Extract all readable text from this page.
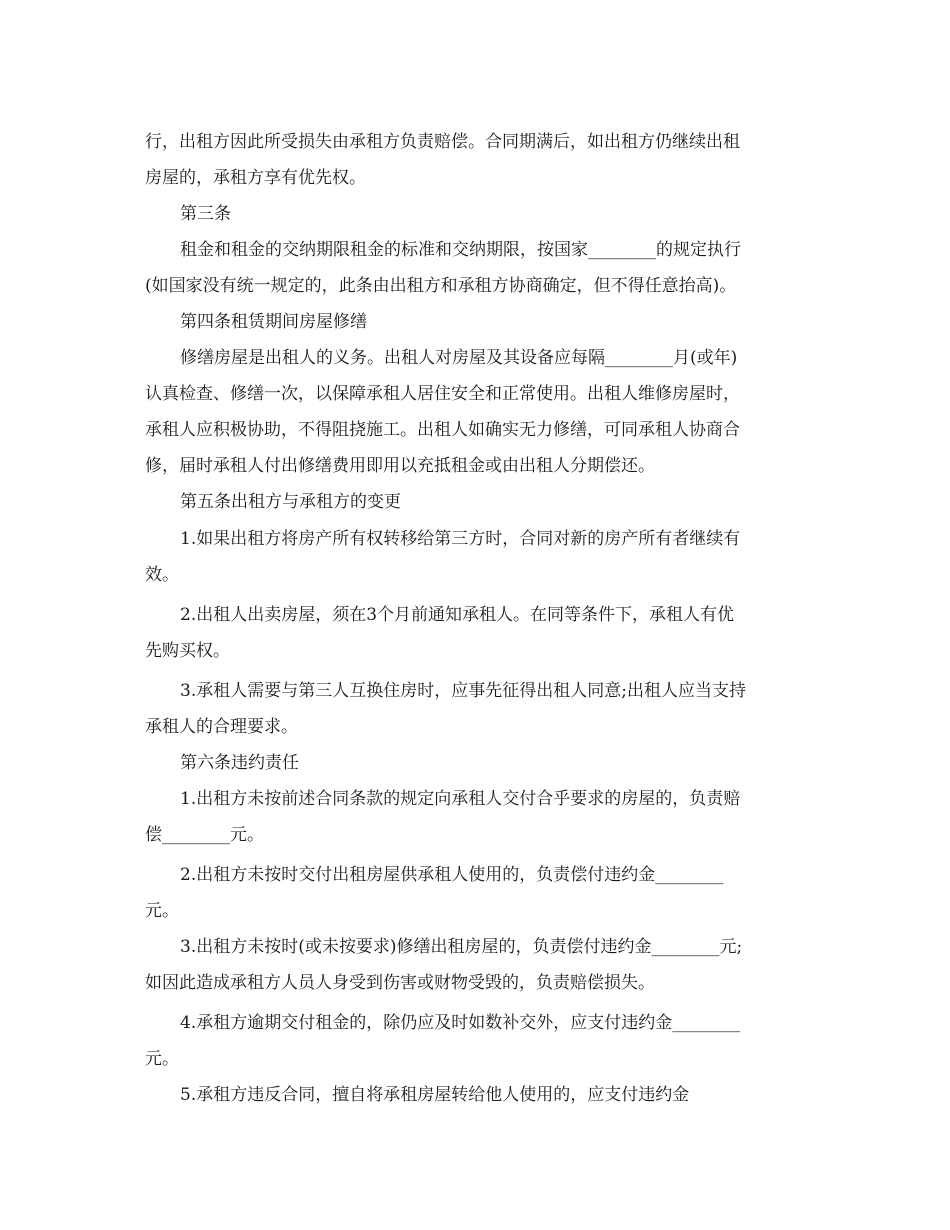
行，出租方因此所受损失由承租方负责赔偿。合同期满后，如出租方仍继续出租
房屋的，承租方享有优先权。
第三条
租金和租金的交纳期限租金的标准和交纳期限，按国家________的规定执行
(如国家没有统一规定的，此条由出租方和承租方协商确定，但不得任意抬高)。
第四条租赁期间房屋修缮
修缮房屋是出租人的义务。出租人对房屋及其设备应每隔________月(或年)
认真检查、修缮一次，以保障承租人居住安全和正常使用。出租人维修房屋时，
承租人应积极协助，不得阻挠施工。出租人如确实无力修缮，可同承租人协商合
修，届时承租人付出修缮费用即用以充抵租金或由出租人分期偿还。
第五条出租方与承租方的变更
1.如果出租方将房产所有权转移给第三方时，合同对新的房产所有者继续有
效。
2.出租人出卖房屋，须在3个月前通知承租人。在同等条件下，承租人有优
先购买权。
3.承租人需要与第三人互换住房时，应事先征得出租人同意;出租人应当支持
承租人的合理要求。
第六条违约责任
1.出租方未按前述合同条款的规定向承租人交付合乎要求的房屋的，负责赔
偿________元。
2.出租方未按时交付出租房屋供承租人使用的，负责偿付违约金________
元。
3.出租方未按时(或未按要求)修缮出租房屋的，负责偿付违约金________元;
如因此造成承租方人员人身受到伤害或财物受毁的，负责赔偿损失。
4.承租方逾期交付租金的，除仍应及时如数补交外，应支付违约金________
元。
5.承租方违反合同，擅自将承租房屋转给他人使用的，应支付违约金
